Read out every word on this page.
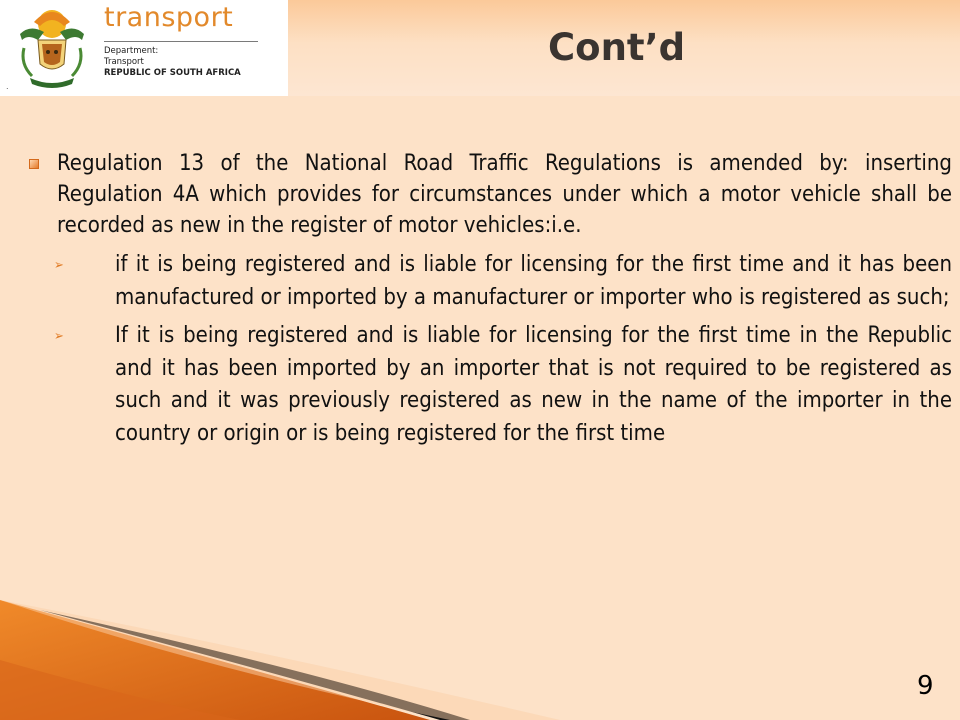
.
transport
Department:
Transport
REPUBLIC OF SOUTH AFRICA
Cont’d
Regulation 13 of the National Road Traffic Regulations is amended by: inserting Regulation 4A which provides for circumstances under which a motor vehicle shall be recorded as new in the register of motor vehicles:i.e.
➢ if it is being registered and is liable for licensing for the first time and it has been manufactured or imported by a manufacturer or importer who is registered as such;
➢ If it is being registered and is liable for licensing for the first time in the Republic and it has been imported by an importer that is not required to be registered as such and it was previously registered as new in the name of the importer in the country or origin or is being registered for the first time
9
